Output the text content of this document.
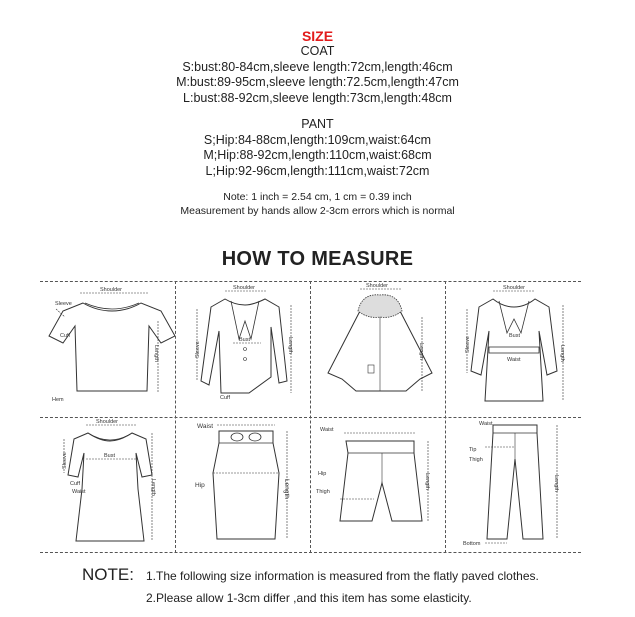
SIZE
COAT
S:bust:80-84cm,sleeve length:72cm,length:46cm
M:bust:89-95cm,sleeve length:72.5cm,length:47cm
L:bust:88-92cm,sleeve length:73cm,length:48cm
PANT
S;Hip:84-88cm,length:109cm,waist:64cm
M;Hip:88-92cm,length:110cm,waist:68cm
L;Hip:92-96cm,length:111cm,waist:72cm
Note: 1 inch = 2.54 cm, 1 cm = 0.39 inch
Measurement by hands allow 2-3cm errors which is normal
HOW TO MEASURE
Shoulder
Sleeve
Cuff
Hem
Length
Shoulder
Bust
Sleeve
Cuff
Length
Shoulder
Length
Shoulder
Bust
Waist
Sleeve
Length
Shoulder
Bust
Cuff
Waist
Sleeve
Length
Waist
Hip	Length
Waist
Hip
Thigh
Length
Waist
Tip
Thigh
Bottom
Length
NOTE: 1.The following size information is measured from the flatly paved clothes.
2.Please allow 1-3cm differ ,and this item has some elasticity.
